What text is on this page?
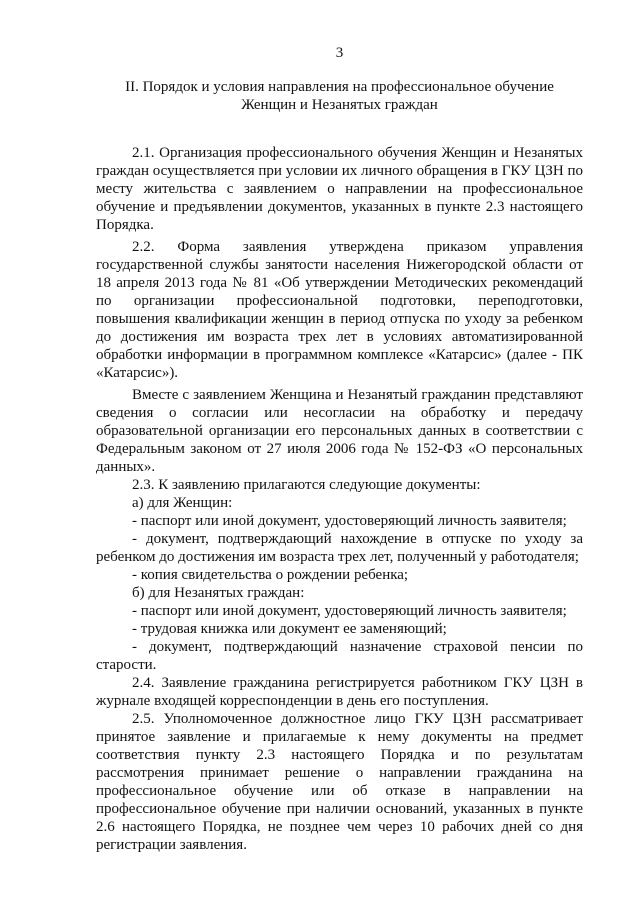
3
II. Порядок и условия направления на профессиональное обучение
Женщин и Незанятых граждан

2.1. Организация профессионального обучения Женщин и Незанятых граждан осуществляется при условии их личного обращения в ГКУ ЦЗН по месту жительства с заявлением о направлении на профессиональное обучение и предъявлении документов, указанных в пункте 2.3 настоящего Порядка.

2.2. Форма заявления утверждена приказом управления государственной службы занятости населения Нижегородской области от 18 апреля 2013 года № 81 «Об утверждении Методических рекомендаций по организации профессиональной подготовки, переподготовки, повышения квалификации женщин в период отпуска по уходу за ребенком до достижения им возраста трех лет в условиях автоматизированной обработки информации в программном комплексе «Катарсис» (далее - ПК «Катарсис»).

Вместе с заявлением Женщина и Незанятый гражданин представляют сведения о согласии или несогласии на обработку и передачу образовательной организации его персональных данных в соответствии с Федеральным законом от 27 июля 2006 года № 152-ФЗ «О персональных данных».

2.3. К заявлению прилагаются следующие документы:

а) для Женщин:

- паспорт или иной документ, удостоверяющий личность заявителя;

- документ, подтверждающий нахождение в отпуске по уходу за ребенком до достижения им возраста трех лет, полученный у работодателя;

- копия свидетельства о рождении ребенка;

б) для Незанятых граждан:

- паспорт или иной документ, удостоверяющий личность заявителя;

- трудовая книжка или документ ее заменяющий;

- документ, подтверждающий назначение страховой пенсии по старости.

2.4. Заявление гражданина регистрируется работником ГКУ ЦЗН в журнале входящей корреспонденции в день его поступления.

2.5. Уполномоченное должностное лицо ГКУ ЦЗН рассматривает принятое заявление и прилагаемые к нему документы на предмет соответствия пункту 2.3 настоящего Порядка и по результатам рассмотрения принимает решение о направлении гражданина на профессиональное обучение или об отказе в направлении на профессиональное обучение при наличии оснований, указанных в пункте 2.6 настоящего Порядка, не позднее чем через 10 рабочих дней со дня регистрации заявления.
